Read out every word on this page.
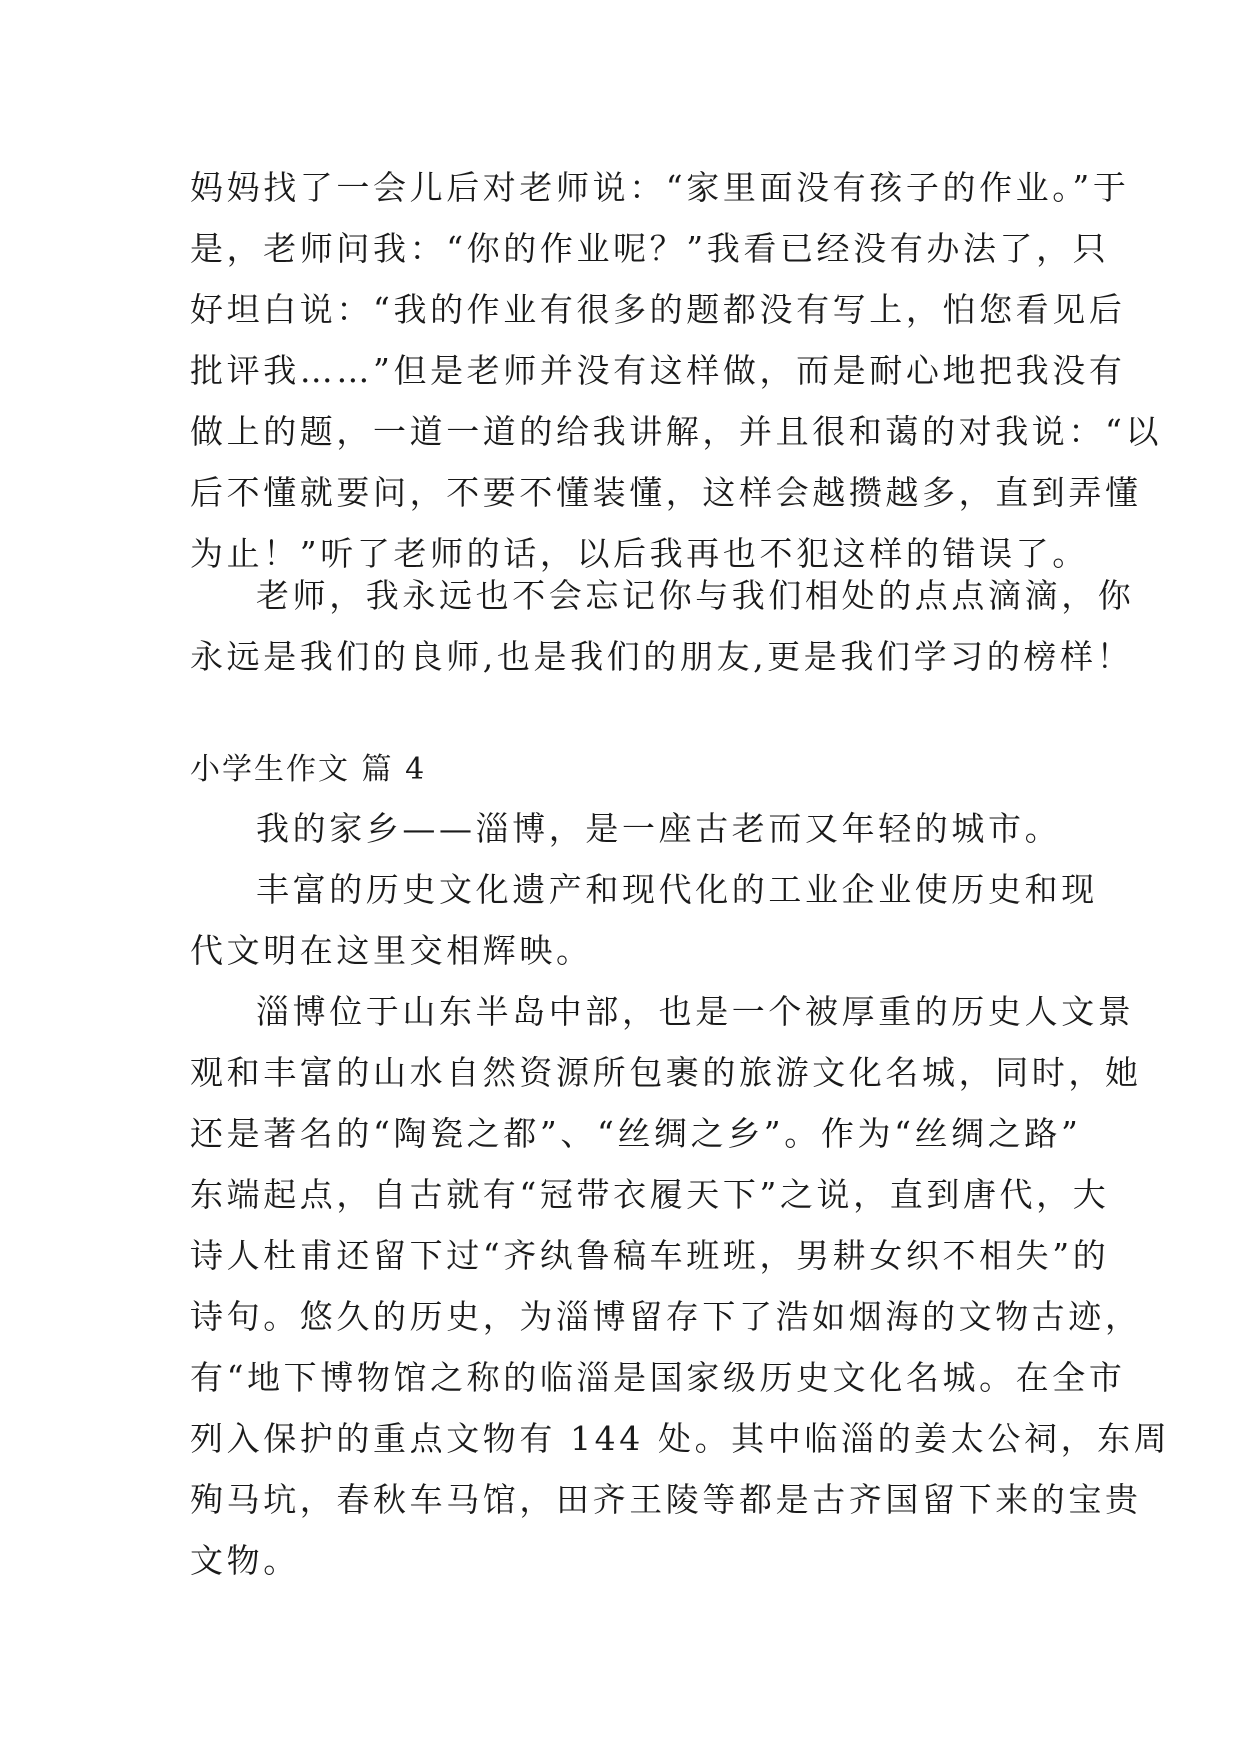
妈妈找了一会儿后对老师说：“家里面没有孩子的作业。”于
是，老师问我：“你的作业呢？”我看已经没有办法了，只
好坦白说：“我的作业有很多的题都没有写上，怕您看见后
批评我……”但是老师并没有这样做，而是耐心地把我没有
做上的题，一道一道的给我讲解，并且很和蔼的对我说：“以
后不懂就要问，不要不懂装懂，这样会越攒越多，直到弄懂
为止！”听了老师的话，以后我再也不犯这样的错误了。
老师，我永远也不会忘记你与我们相处的点点滴滴，你
永远是我们的良师,也是我们的朋友,更是我们学习的榜样！
小学生作文 篇 4
我的家乡——淄博，是一座古老而又年轻的城市。
丰富的历史文化遗产和现代化的工业企业使历史和现
代文明在这里交相辉映。
淄博位于山东半岛中部，也是一个被厚重的历史人文景
观和丰富的山水自然资源所包裹的旅游文化名城，同时，她
还是著名的“陶瓷之都”、“丝绸之乡”。作为“丝绸之路”
东端起点，自古就有“冠带衣履天下”之说，直到唐代，大
诗人杜甫还留下过“齐纨鲁稿车班班，男耕女织不相失”的
诗句。悠久的历史，为淄博留存下了浩如烟海的文物古迹，
有“地下博物馆之称的临淄是国家级历史文化名城。在全市
列入保护的重点文物有 144 处。其中临淄的姜太公祠，东周
殉马坑，春秋车马馆，田齐王陵等都是古齐国留下来的宝贵
文物。
